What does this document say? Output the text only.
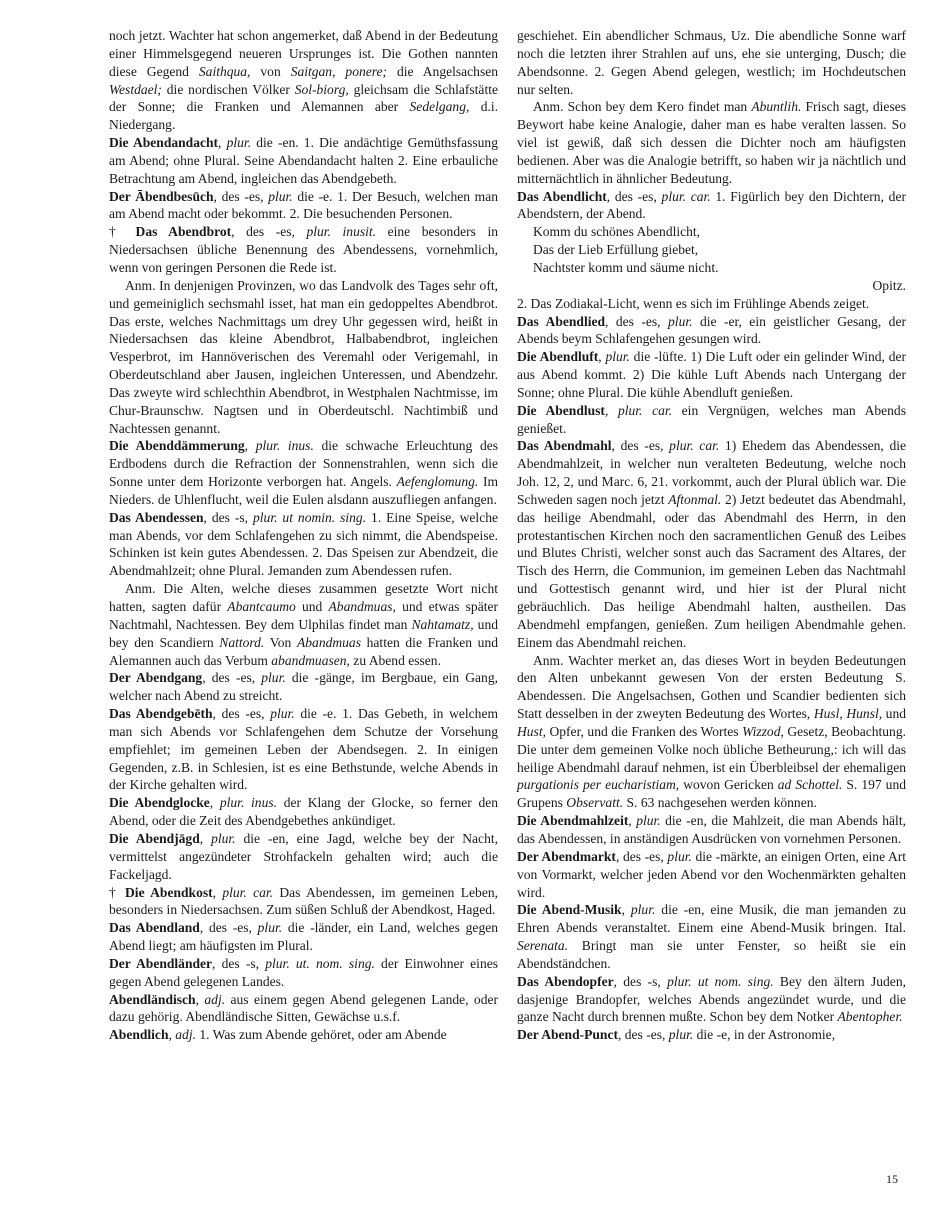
noch jetzt. Wachter hat schon angemerket, daß Abend in der Bedeutung einer Himmelsgegend neueren Ursprunges ist. Die Gothen nannten diese Gegend Saithqua, von Saitgan, ponere; die Angelsachsen Westdael; die nordischen Völker Sol-biorg, gleichsam die Schlafstätte der Sonne; die Franken und Alemannen aber Sedelgang, d.i. Niedergang.

Die Abendandacht, plur. die -en. 1. Die andächtige Gemüthsfassung am Abend; ohne Plural. Seine Abendandacht halten 2. Eine erbauliche Betrachtung am Abend, ingleichen das Abendgebeth.

Der Ābendbesūch, des -es, plur. die -e. 1. Der Besuch, welchen man am Abend macht oder bekommt. 2. Die besuchenden Personen.

† Das Abendbrot, des -es, plur. inusit. eine besonders in Niedersachsen übliche Benennung des Abendessens, vornehmlich, wenn von geringen Personen die Rede ist.

Anm. In denjenigen Provinzen, wo das Landvolk des Tages sehr oft, und gemeiniglich sechsmahl isset, hat man ein gedoppeltes Abendbrot. Das erste, welches Nachmittags um drey Uhr gegessen wird, heißt in Niedersachsen das kleine Abendbrot, Halbabendbrot, ingleichen Vesperbrot, im Hannöverischen des Veremahl oder Verigemahl, in Oberdeutschland aber Jausen, ingleichen Unteressen, und Abendzehr. Das zweyte wird schlechthin Abendbrot, in Westphalen Nachtmisse, im Chur-Braunschw. Nagtsen und in Oberdeutschl. Nachtimbiß und Nachtessen genannt.

Die Abenddämmerung, plur. inus. die schwache Erleuchtung des Erdbodens durch die Refraction der Sonnenstrahlen, wenn sich die Sonne unter dem Horizonte verborgen hat. Angels. Aefenglomung. Im Nieders. de Uhlenflucht, weil die Eulen alsdann auszufliegen anfangen.

Das Abendessen, des -s, plur. ut nomin. sing. 1. Eine Speise, welche man Abends, vor dem Schlafengehen zu sich nimmt, die Abendspeise. Schinken ist kein gutes Abendessen. 2. Das Speisen zur Abendzeit, die Abendmahlzeit; ohne Plural. Jemanden zum Abendessen rufen.

Anm. Die Alten, welche dieses zusammen gesetzte Wort nicht hatten, sagten dafür Abantcaumo und Abandmuas, und etwas später Nachtmahl, Nachtessen. Bey dem Ulphilas findet man Nahtamatz, und bey den Scandiern Nattord. Von Abandmuas hatten die Franken und Alemannen auch das Verbum abandmuasen, zu Abend essen.

Der Abendgang, des -es, plur. die -gänge, im Bergbaue, ein Gang, welcher nach Abend zu streicht.

Das Abendgebēth, des -es, plur. die -e. 1. Das Gebeth, in welchem man sich Abends vor Schlafengehen dem Schutze der Vorsehung empfiehlet; im gemeinen Leben der Abendsegen. 2. In einigen Gegenden, z.B. in Schlesien, ist es eine Bethstunde, welche Abends in der Kirche gehalten wird.

Die Abendglocke, plur. inus. der Klang der Glocke, so ferner den Abend, oder die Zeit des Abendgebethes ankündiget.

Die Abendjāgd, plur. die -en, eine Jagd, welche bey der Nacht, vermittelst angezündeter Strohfackeln gehalten wird; auch die Fackeljagd.

† Die Abendkost, plur. car. Das Abendessen, im gemeinen Leben, besonders in Niedersachsen. Zum süßen Schluß der Abendkost, Haged.

Das Abendland, des -es, plur. die -länder, ein Land, welches gegen Abend liegt; am häufigsten im Plural.

Der Abendländer, des -s, plur. ut. nom. sing. der Einwohner eines gegen Abend gelegenen Landes.

Abendländisch, adj. aus einem gegen Abend gelegenen Lande, oder dazu gehörig. Abendländische Sitten, Gewächse u.s.f.

Abendlich, adj. 1. Was zum Abende gehöret, oder am Abende

geschiehet. Ein abendlicher Schmaus, Uz. Die abendliche Sonne warf noch die letzten ihrer Strahlen auf uns, ehe sie unterging, Dusch; die Abendsonne. 2. Gegen Abend gelegen, westlich; im Hochdeutschen nur selten.

Anm. Schon bey dem Kero findet man Abuntlih. Frisch sagt, dieses Beywort habe keine Analogie, daher man es habe veralten lassen. So viel ist gewiß, daß sich dessen die Dichter noch am häufigsten bedienen. Aber was die Analogie betrifft, so haben wir ja nächtlich und mitternächtlich in ähnlicher Bedeutung.

Das Abendlicht, des -es, plur. car. 1. Figürlich bey den Dichtern, der Abendstern, der Abend.

Komm du schönes Abendlicht,
Das der Lieb Erfüllung giebet,
Nachtster komm und säume nicht.

Opitz.

2. Das Zodiakal-Licht, wenn es sich im Frühlinge Abends zeiget.

Das Abendlied, des -es, plur. die -er, ein geistlicher Gesang, der Abends beym Schlafengehen gesungen wird.

Die Abendluft, plur. die -lüfte. 1) Die Luft oder ein gelinder Wind, der aus Abend kommt. 2) Die kühle Luft Abends nach Untergang der Sonne; ohne Plural. Die kühle Abendluft genießen.

Die Abendlust, plur. car. ein Vergnügen, welches man Abends genießet.

Das Abendmahl, des -es, plur. car. 1) Ehedem das Abendessen, die Abendmahlzeit, in welcher nun veralteten Bedeutung, welche noch Joh. 12, 2, und Marc. 6, 21. vorkommt, auch der Plural üblich war. Die Schweden sagen noch jetzt Aftonmal. 2) Jetzt bedeutet das Abendmahl, das heilige Abendmahl, oder das Abendmahl des Herrn, in den protestantischen Kirchen noch den sacramentlichen Genuß des Leibes und Blutes Christi, welcher sonst auch das Sacrament des Altares, der Tisch des Herrn, die Communion, im gemeinen Leben das Nachtmahl und Gottestisch genannt wird, und hier ist der Plural nicht gebräuchlich. Das heilige Abendmahl halten, austheilen. Das Abendmehl empfangen, genießen. Zum heiligen Abendmahle gehen. Einem das Abendmahl reichen.

Anm. Wachter merket an, das dieses Wort in beyden Bedeutungen den Alten unbekannt gewesen Von der ersten Bedeutung S. Abendessen. Die Angelsachsen, Gothen und Scandier bedienten sich Statt desselben in der zweyten Bedeutung des Wortes, Husl, Hunsl, und Hust, Opfer, und die Franken des Wortes Wizzod, Gesetz, Beobachtung. Die unter dem gemeinen Volke noch übliche Betheurung,: ich will das heilige Abendmahl darauf nehmen, ist ein Überbleibsel der ehemaligen purgationis per eucharistiam, wovon Gericken ad Schottel. S. 197 und Grupens Observatt. S. 63 nachgesehen werden können.

Die Abendmahlzeit, plur. die -en, die Mahlzeit, die man Abends hält, das Abendessen, in anständigen Ausdrücken von vornehmen Personen.

Der Abendmarkt, des -es, plur. die -märkte, an einigen Orten, eine Art von Vormarkt, welcher jeden Abend vor den Wochenmärkten gehalten wird.

Die Abend-Musik, plur. die -en, eine Musik, die man jemanden zu Ehren Abends veranstaltet. Einem eine Abend-Musik bringen. Ital. Serenata. Bringt man sie unter Fenster, so heißt sie ein Abendständchen.

Das Abendopfer, des -s, plur. ut nom. sing. Bey den ältern Juden, dasjenige Brandopfer, welches Abends angezündet wurde, und die ganze Nacht durch brennen mußte. Schon bey dem Notker Abentopher.

Der Abend-Punct, des -es, plur. die -e, in der Astronomie,

15
